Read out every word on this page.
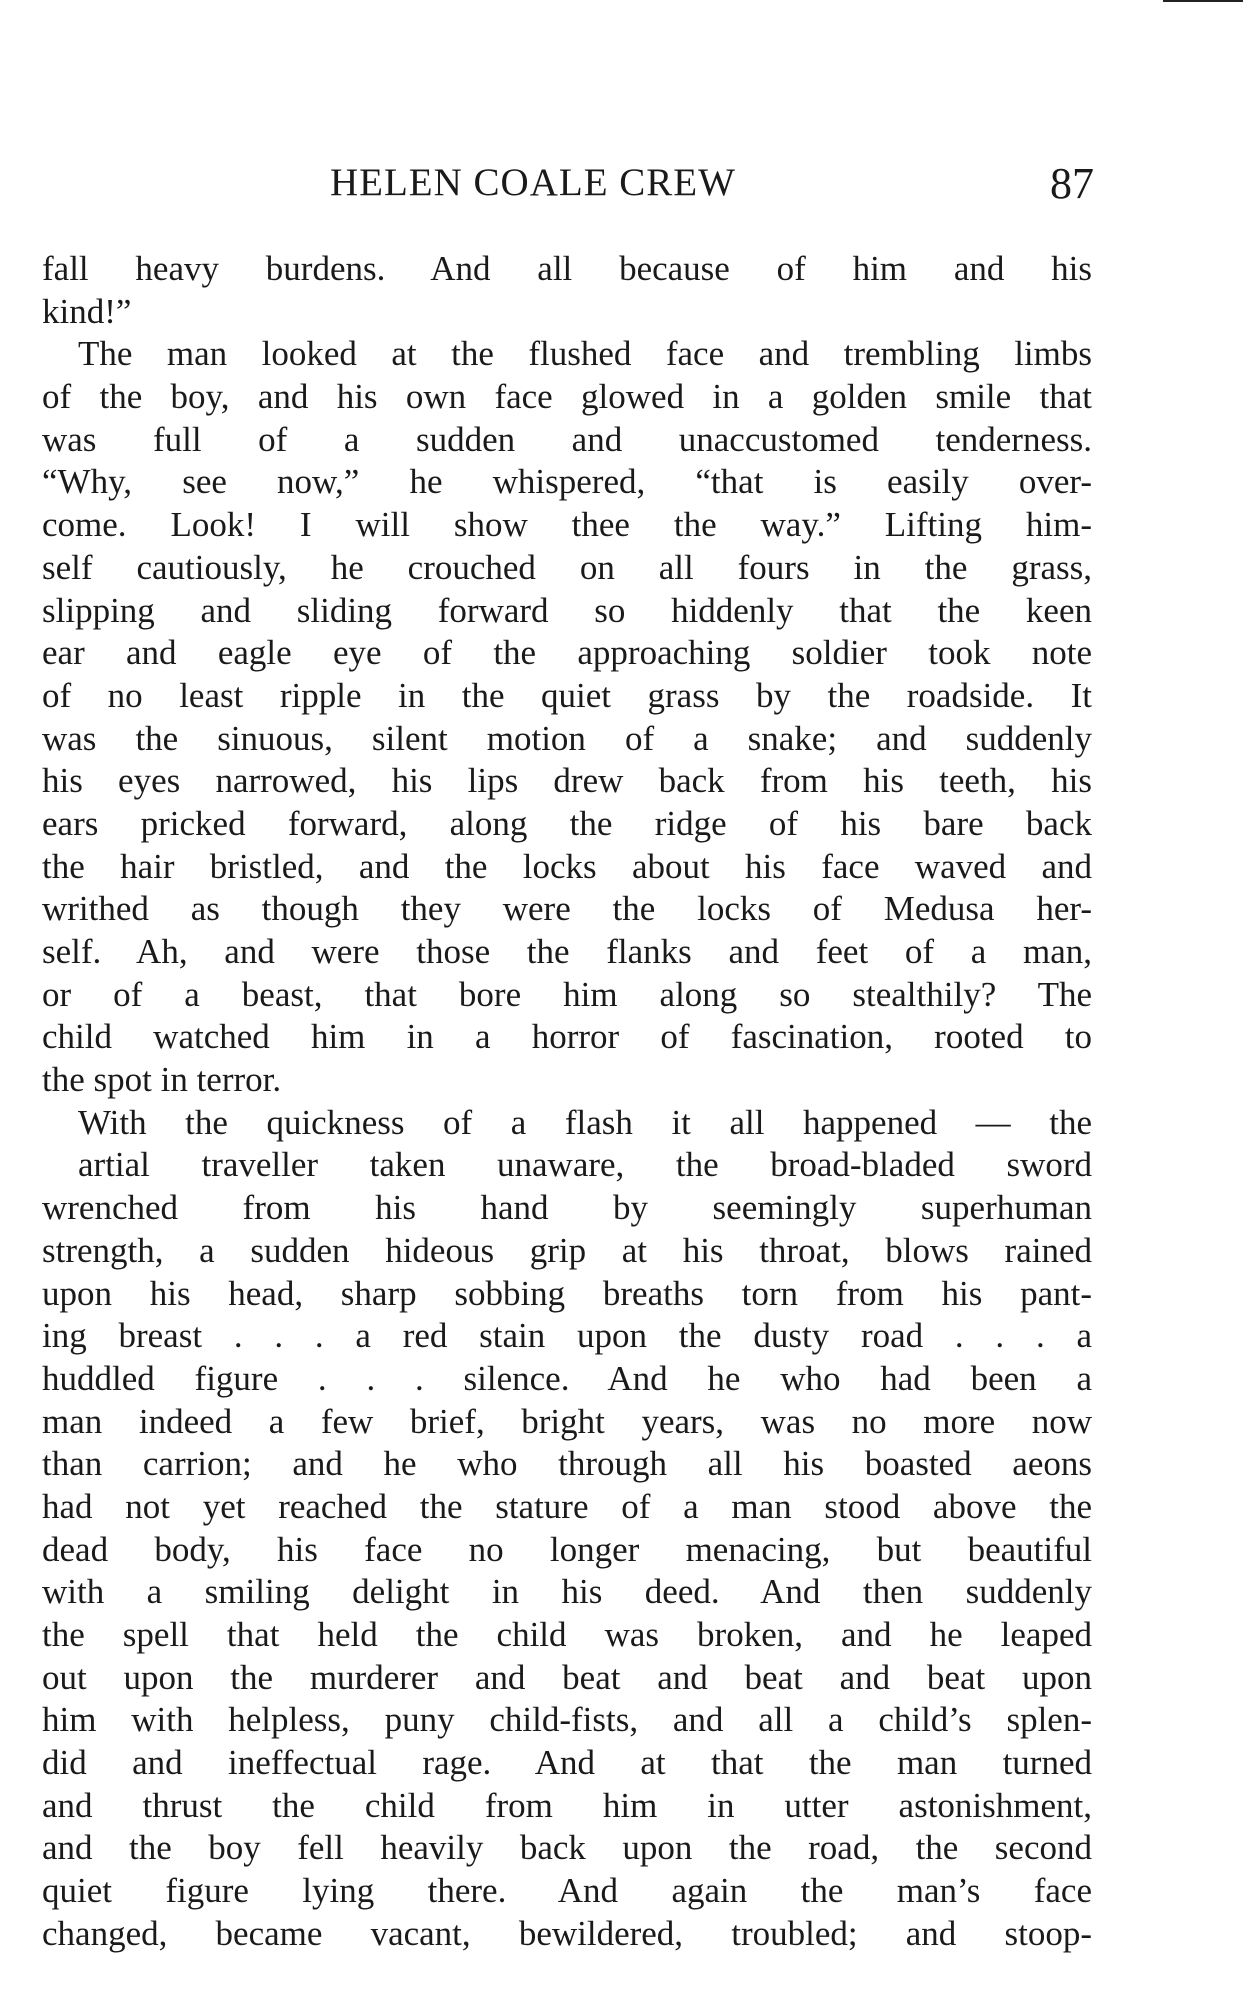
HELEN COALE CREW	87
fall heavy burdens. And all because of him and his
kind!”
The man looked at the flushed face and trembling limbs
of the boy, and his own face glowed in a golden smile that
was full of a sudden and unaccustomed tenderness.
“Why, see now,” he whispered, “that is easily over-
come. Look! I will show thee the way.” Lifting him-
self cautiously, he crouched on all fours in the grass,
slipping and sliding forward so hiddenly that the keen
ear and eagle eye of the approaching soldier took note
of no least ripple in the quiet grass by the roadside. It
was the sinuous, silent motion of a snake; and suddenly
his eyes narrowed, his lips drew back from his teeth, his
ears pricked forward, along the ridge of his bare back
the hair bristled, and the locks about his face waved and
writhed as though they were the locks of Medusa her-
self. Ah, and were those the flanks and feet of a man,
or of a beast, that bore him along so stealthily? The
child watched him in a horror of fascination, rooted to
the spot in terror.
With the quickness of a flash it all happened — the
artial traveller taken unaware, the broad-bladed sword
wrenched from his hand by seemingly superhuman
strength, a sudden hideous grip at his throat, blows rained
upon his head, sharp sobbing breaths torn from his pant-
ing breast . . . a red stain upon the dusty road . . . a
huddled figure . . . silence. And he who had been a
man indeed a few brief, bright years, was no more now
than carrion; and he who through all his boasted aeons
had not yet reached the stature of a man stood above the
dead body, his face no longer menacing, but beautiful
with a smiling delight in his deed. And then suddenly
the spell that held the child was broken, and he leaped
out upon the murderer and beat and beat and beat upon
him with helpless, puny child-fists, and all a child’s splen-
did and ineffectual rage. And at that the man turned
and thrust the child from him in utter astonishment,
and the boy fell heavily back upon the road, the second
quiet figure lying there. And again the man’s face
changed, became vacant, bewildered, troubled; and stoop-
